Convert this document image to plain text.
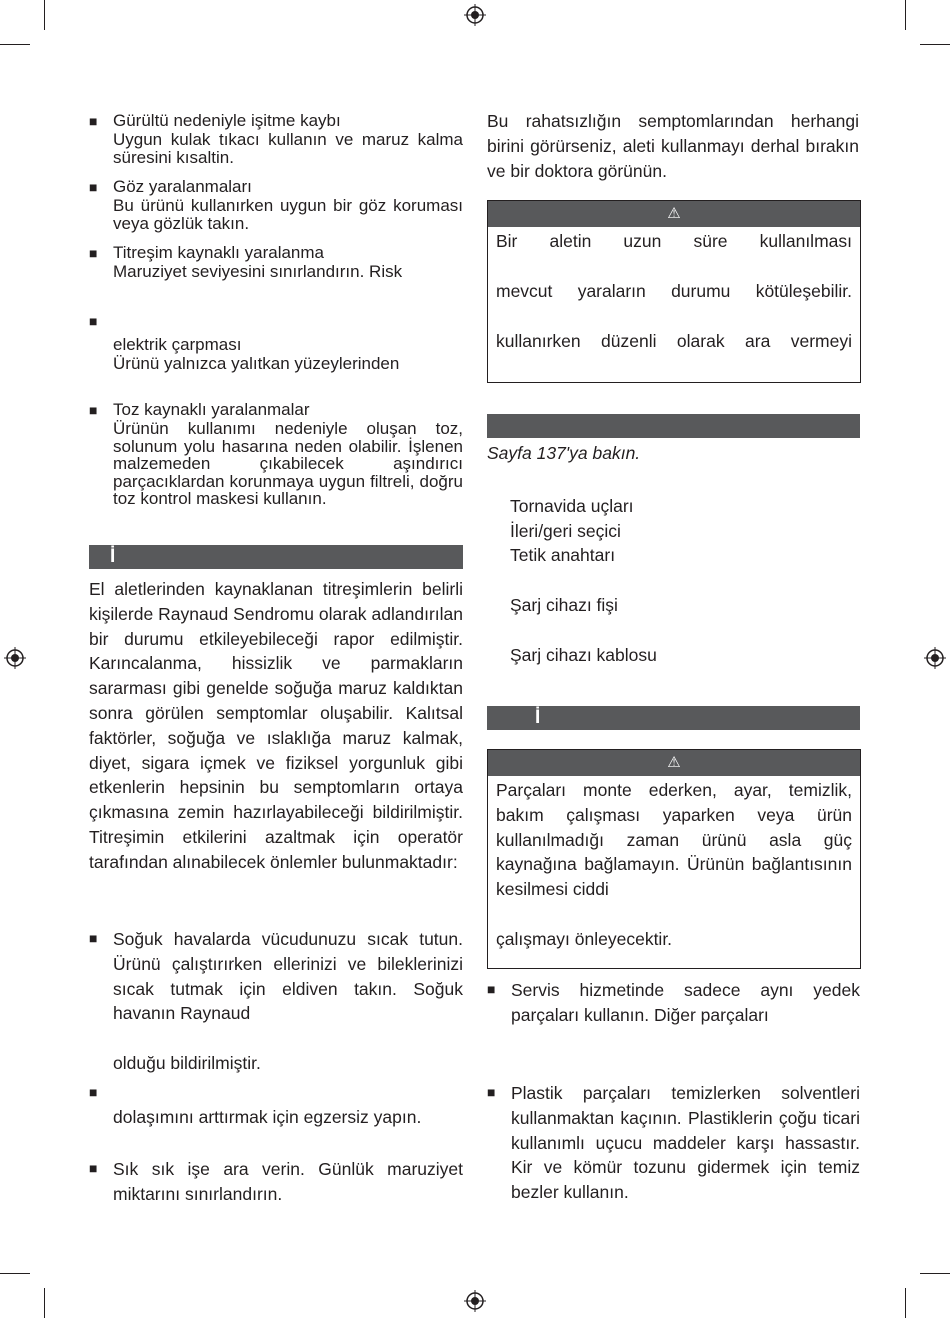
■ Gürültü nedeniyle işitme kaybı
Uygun kulak tıkacı kullanın ve maruz kalma süresini kısaltin.
■ Göz yaralanmaları
Bu ürünü kullanırken uygun bir göz koruması veya gözlük takın.
■ Titreşim kaynaklı yaralanma
Maruziyet seviyesini sınırlandırın. Risk
■
elektrik çarpması
Ürünü yalnızca yalıtkan yüzeylerinden
■ Toz kaynaklı yaralanmalar
Ürünün kullanımı nedeniyle oluşan toz, solunum yolu hasarına neden olabilir. İşlenen malzemeden çıkabilecek aşındırıcı parçacıklardan korunmaya uygun filtreli, doğru toz kontrol maskesi kullanın.
İ

El aletlerinden kaynaklanan titreşimlerin belirli kişilerde Raynaud Sendromu olarak adlandırılan bir durumu etkileyebileceği rapor edilmiştir. Karıncalanma, hissizlik ve parmakların sararması gibi genelde soğuğa maruz kaldıktan sonra görülen semptomlar oluşabilir. Kalıtsal faktörler, soğuğa ve ıslaklığa maruz kalmak, diyet, sigara içmek ve fiziksel yorgunluk gibi etkenlerin hepsinin bu semptomların ortaya çıkmasına zemin hazırlayabileceği bildirilmiştir. Titreşimin etkilerini azaltmak için operatör tarafından alınabilecek önlemler bulunmaktadır:

■ Soğuk havalarda vücudunuzu sıcak tutun. Ürünü çalıştırırken ellerinizi ve bileklerinizi sıcak tutmak için eldiven takın. Soğuk havanın Raynaud

olduğu bildirilmiştir.

■

dolaşımını arttırmak için egzersiz yapın.

■ Sık sık işe ara verin. Günlük maruziyet miktarını sınırlandırın.

Bu rahatsızlığın semptomlarından herhangi birini görürseniz, aleti kullanmayı derhal bırakın ve bir doktora görünün.

⚠

Bir aletin uzun süre kullanılması

mevcut yaraların durumu kötüleşebilir.

kullanırken düzenli olarak ara vermeyi

Sayfa 137'ya bakın.

Tornavida uçları
İleri/geri seçici
Tetik anahtarı
Şarj cihazı fişi
Şarj cihazı kablosu
İ
⚠

Parçaları monte ederken, ayar, temizlik, bakım çalışması yaparken veya ürün kullanılmadığı zaman ürünü asla güç kaynağına bağlamayın. Ürünün bağlantısının kesilmesi ciddi

çalışmayı önleyecektir.

■ Servis hizmetinde sadece aynı yedek parçaları kullanın. Diğer parçaları

■ Plastik parçaları temizlerken solventleri kullanmaktan kaçının. Plastiklerin çoğu ticari kullanımlı uçucu maddeler karşı hassastır. Kir ve kömür tozunu gidermek için temiz bezler kullanın.
